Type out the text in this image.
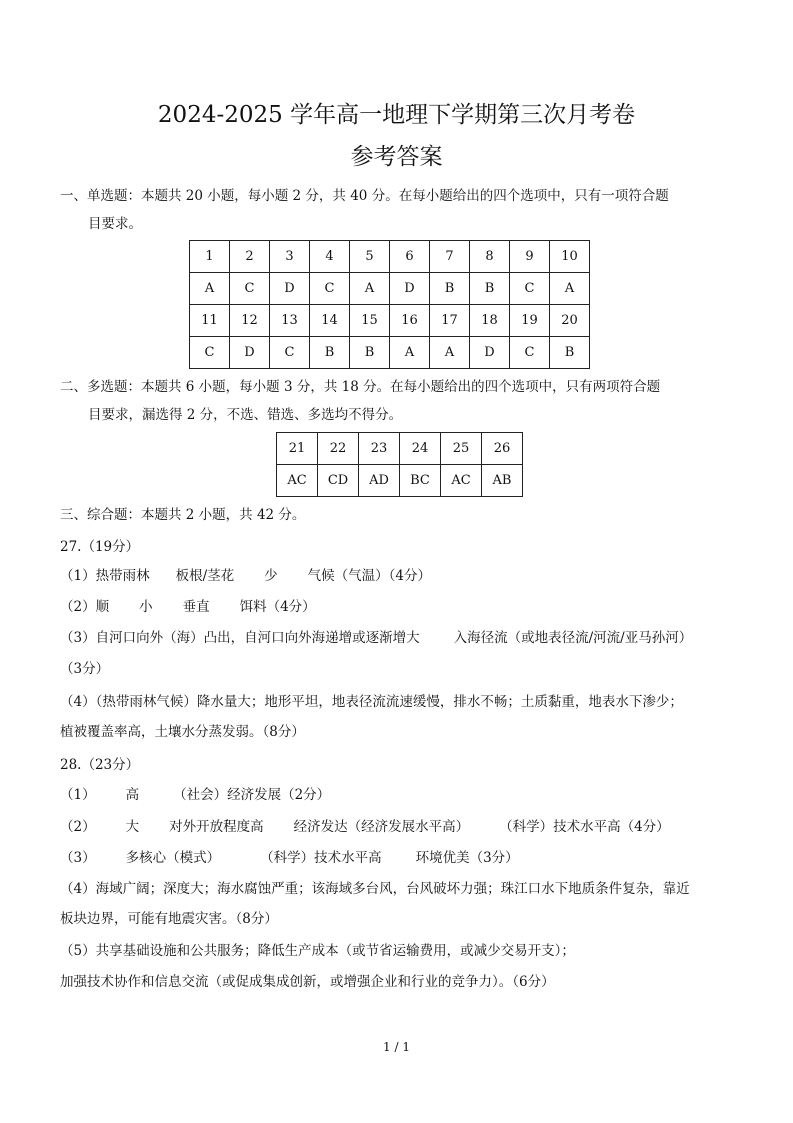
2024-2025 学年高一地理下学期第三次月考卷
参考答案
一、单选题：本题共 20 小题，每小题 2 分，共 40 分。在每小题给出的四个选项中，只有一项符合题
目要求。
1	2	3	4	5	6	7	8	9	10
A	C	D	C	A	D	B	B	C	A
11	12	13	14	15	16	17	18	19	20
C	D	C	B	B	A	A	D	C	B
二、多选题：本题共 6 小题，每小题 3 分，共 18 分。在每小题给出的四个选项中，只有两项符合题
目要求，漏选得 2 分，不选、错选、多选均不得分。
21	22	23	24	25	26
AC	CD	AD	BC	AC	AB
三、综合题：本题共 2 小题，共 42 分。
27.（19分）
（1）热带雨林 板根/茎花 少 气候（气温）（4分）
（2）顺 小 垂直 饵料（4分）
（3）自河口向外（海）凸出，自河口向外海递增或逐渐增大	入海径流（或地表径流/河流/亚马孙河）
（3分）
（4）（热带雨林气候）降水量大；地形平坦，地表径流流速缓慢，排水不畅；土质黏重，地表水下渗少；
植被覆盖率高，土壤水分蒸发弱。（8分）
28.（23分）
（1） 高	（社会）经济发展（2分）
（2） 大 对外开放程度高 经济发达（经济发展水平高） （科学）技术水平高（4分）
（3） 多核心（模式）	（科学）技术水平高	环境优美（3分）
（4）海域广阔；深度大；海水腐蚀严重；该海域多台风，台风破坏力强；珠江口水下地质条件复杂，靠近
板块边界，可能有地震灾害。（8分）
（5）共享基础设施和公共服务；降低生产成本（或节省运输费用，或减少交易开支）；
加强技术协作和信息交流（或促成集成创新，或增强企业和行业的竞争力）。（6分）
1 / 1
